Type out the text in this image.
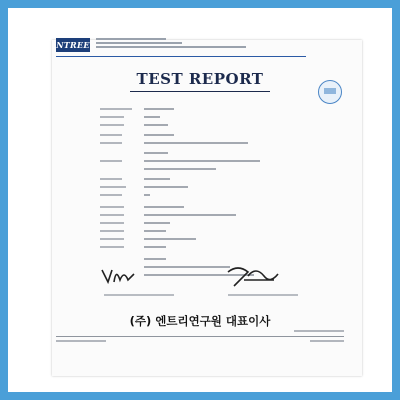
NTREE
TEST REPORT
(주) 엔트리연구원 대표이사
